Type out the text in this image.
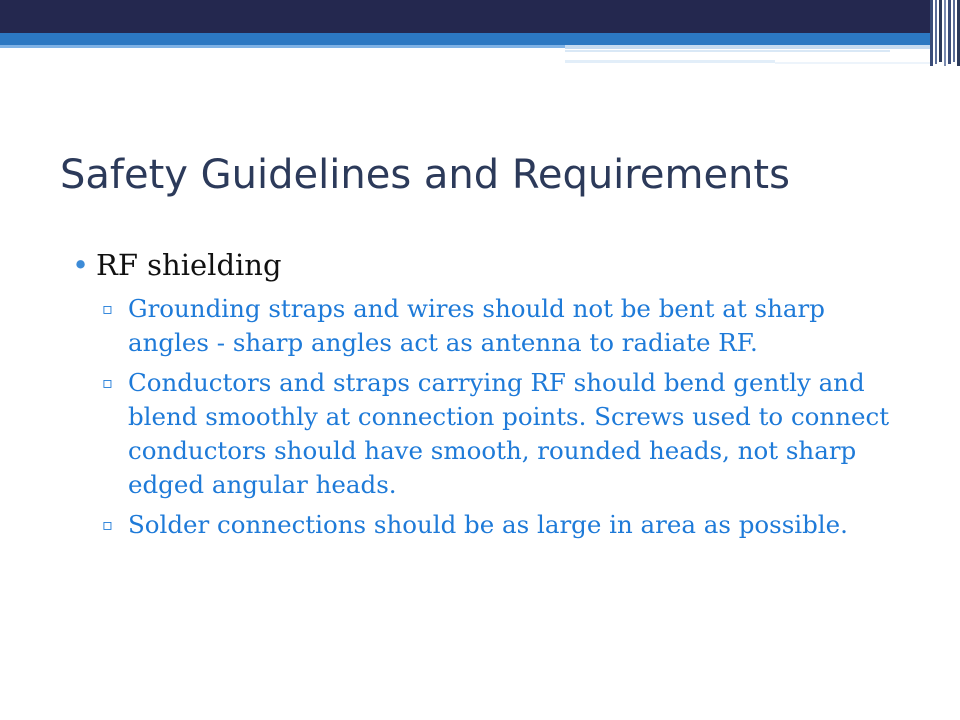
Safety Guidelines and Requirements
• RF shielding
▫ Grounding straps and wires should not be bent at sharp angles - sharp angles act as antenna to radiate RF.
▫ Conductors and straps carrying RF should bend gently and blend smoothly at connection points. Screws used to connect conductors should have smooth, rounded heads, not sharp edged angular heads.
▫ Solder connections should be as large in area as possible.
